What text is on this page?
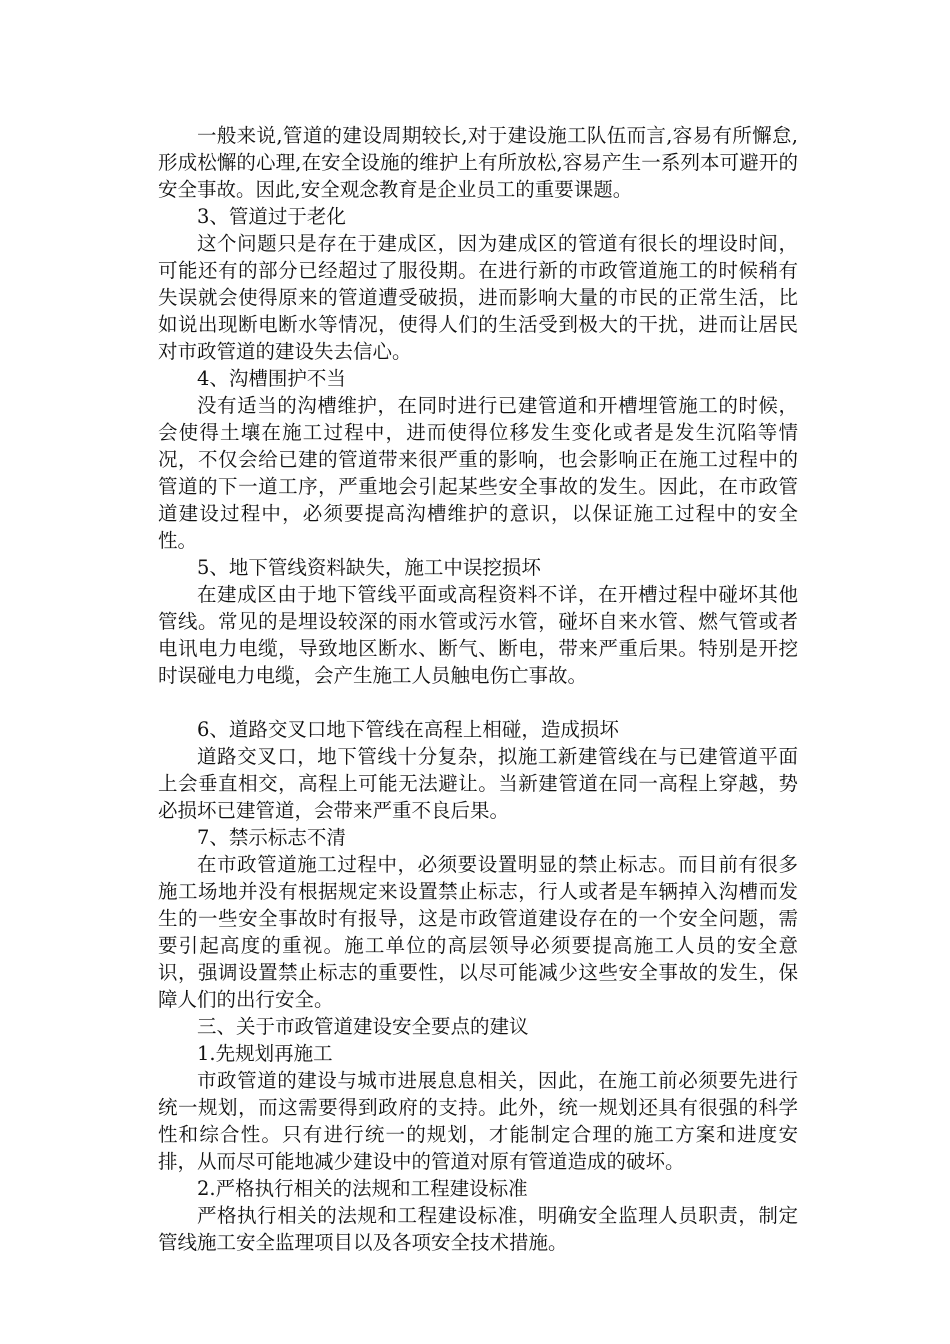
一般来说,管道的建设周期较长,对于建设施工队伍而言,容易有所懈怠,形成松懈的心理,在安全设施的维护上有所放松,容易产生一系列本可避开的安全事故。因此,安全观念教育是企业员工的重要课题。

3、管道过于老化

这个问题只是存在于建成区，因为建成区的管道有很长的埋设时间，可能还有的部分已经超过了服役期。在进行新的市政管道施工的时候稍有失误就会使得原来的管道遭受破损，进而影响大量的市民的正常生活，比如说出现断电断水等情况，使得人们的生活受到极大的干扰，进而让居民对市政管道的建设失去信心。

4、沟槽围护不当

没有适当的沟槽维护，在同时进行已建管道和开槽埋管施工的时候，会使得土壤在施工过程中，进而使得位移发生变化或者是发生沉陷等情况，不仅会给已建的管道带来很严重的影响，也会影响正在施工过程中的管道的下一道工序，严重地会引起某些安全事故的发生。因此，在市政管道建设过程中，必须要提高沟槽维护的意识，以保证施工过程中的安全性。

5、地下管线资料缺失，施工中误挖损坏

在建成区由于地下管线平面或高程资料不详，在开槽过程中碰坏其他管线。常见的是埋设较深的雨水管或污水管，碰坏自来水管、燃气管或者电讯电力电缆，导致地区断水、断气、断电，带来严重后果。特别是开挖时误碰电力电缆，会产生施工人员触电伤亡事故。

6、道路交叉口地下管线在高程上相碰，造成损坏

道路交叉口，地下管线十分复杂，拟施工新建管线在与已建管道平面上会垂直相交，高程上可能无法避让。当新建管道在同一高程上穿越，势必损坏已建管道，会带来严重不良后果。

7、禁示标志不清

在市政管道施工过程中，必须要设置明显的禁止标志。而目前有很多施工场地并没有根据规定来设置禁止标志，行人或者是车辆掉入沟槽而发生的一些安全事故时有报导，这是市政管道建设存在的一个安全问题，需要引起高度的重视。施工单位的高层领导必须要提高施工人员的安全意识，强调设置禁止标志的重要性，以尽可能减少这些安全事故的发生，保障人们的出行安全。

三、关于市政管道建设安全要点的建议

1.先规划再施工

市政管道的建设与城市进展息息相关，因此，在施工前必须要先进行统一规划，而这需要得到政府的支持。此外，统一规划还具有很强的科学性和综合性。只有进行统一的规划，才能制定合理的施工方案和进度安排，从而尽可能地减少建设中的管道对原有管道造成的破坏。

2.严格执行相关的法规和工程建设标准

严格执行相关的法规和工程建设标准，明确安全监理人员职责，制定管线施工安全监理项目以及各项安全技术措施。
